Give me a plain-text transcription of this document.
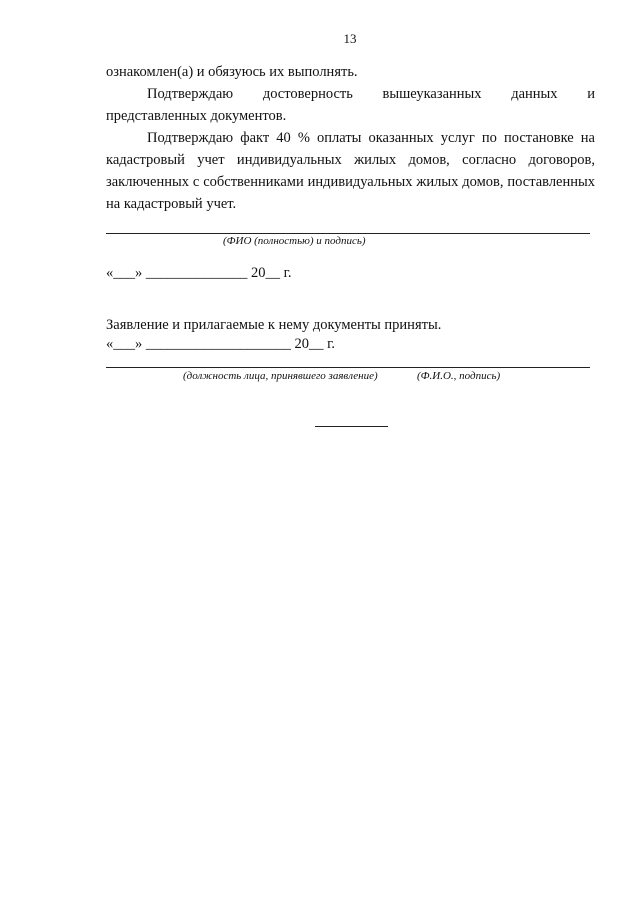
13

ознакомлен(а) и обязуюсь их выполнять.

Подтверждаю достоверность вышеуказанных данных и представленных документов.

Подтверждаю факт 40 % оплаты оказанных услуг по постановке на кадастровый учет индивидуальных жилых домов, согласно договоров, заключенных с собственниками индивидуальных жилых домов, поставленных на кадастровый учет.

(ФИО (полностью) и подпись)
«___» ______________ 20__ г.
Заявление и прилагаемые к нему документы приняты.
«___» ____________________ 20__ г.
(должность лица, принявшего заявление)	(Ф.И.О., подпись)
